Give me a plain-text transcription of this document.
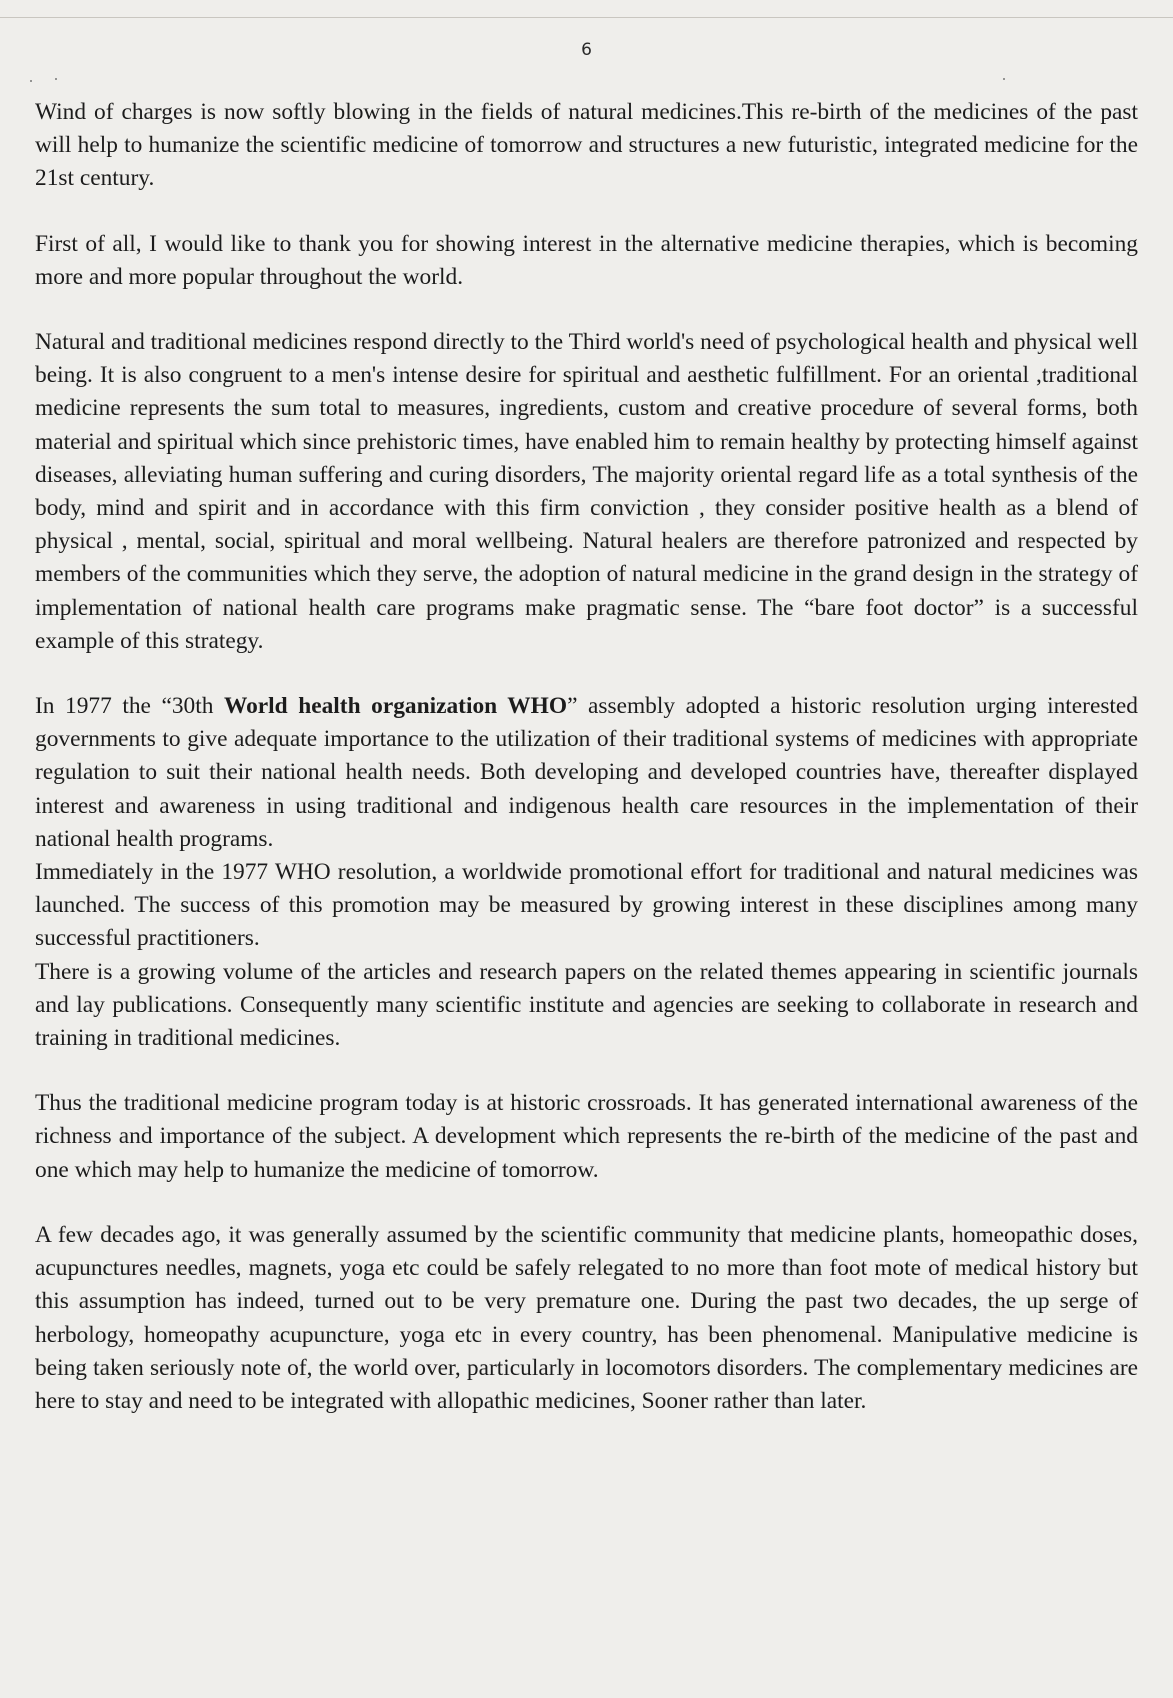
6

Wind of charges is now softly blowing in the fields of natural medicines.This re-birth of the medicines of the past will help to humanize the scientific medicine of tomorrow and structures a new futuristic, integrated medicine for the 21st century.

First of all, I would like to thank you for showing interest in the alternative medicine therapies, which is becoming more and more popular throughout the world.

Natural and traditional medicines respond directly to the Third world's need of psychological health and physical well being. It is also congruent to a men's intense desire for spiritual and aesthetic fulfillment. For an oriental ,traditional medicine represents the sum total to measures, ingredients, custom and creative procedure of several forms, both material and spiritual which since prehistoric times, have enabled him to remain healthy by protecting himself against diseases, alleviating human suffering and curing disorders, The majority oriental regard life as a total synthesis of the body, mind and spirit and in accordance with this firm conviction , they consider positive health as a blend of physical , mental, social, spiritual and moral wellbeing. Natural healers are therefore patronized and respected by members of the communities which they serve, the adoption of natural medicine in the grand design in the strategy of implementation of national health care programs make pragmatic sense. The “bare foot doctor” is a successful example of this strategy.

In 1977 the “30th World health organization WHO” assembly adopted a historic resolution urging interested governments to give adequate importance to the utilization of their traditional systems of medicines with appropriate regulation to suit their national health needs. Both developing and developed countries have, thereafter displayed interest and awareness in using traditional and indigenous health care resources in the implementation of their national health programs.

Immediately in the 1977 WHO resolution, a worldwide promotional effort for traditional and natural medicines was launched. The success of this promotion may be measured by growing interest in these disciplines among many successful practitioners.

There is a growing volume of the articles and research papers on the related themes appearing in scientific journals and lay publications. Consequently many scientific institute and agencies are seeking to collaborate in research and training in traditional medicines.

Thus the traditional medicine program today is at historic crossroads. It has generated international awareness of the richness and importance of the subject. A development which represents the re-birth of the medicine of the past and one which may help to humanize the medicine of tomorrow.

A few decades ago, it was generally assumed by the scientific community that medicine plants, homeopathic doses, acupunctures needles, magnets, yoga etc could be safely relegated to no more than foot mote of medical history but this assumption has indeed, turned out to be very premature one. During the past two decades, the up serge of herbology, homeopathy acupuncture, yoga etc in every country, has been phenomenal. Manipulative medicine is being taken seriously note of, the world over, particularly in locomotors disorders. The complementary medicines are here to stay and need to be integrated with allopathic medicines, Sooner rather than later.
